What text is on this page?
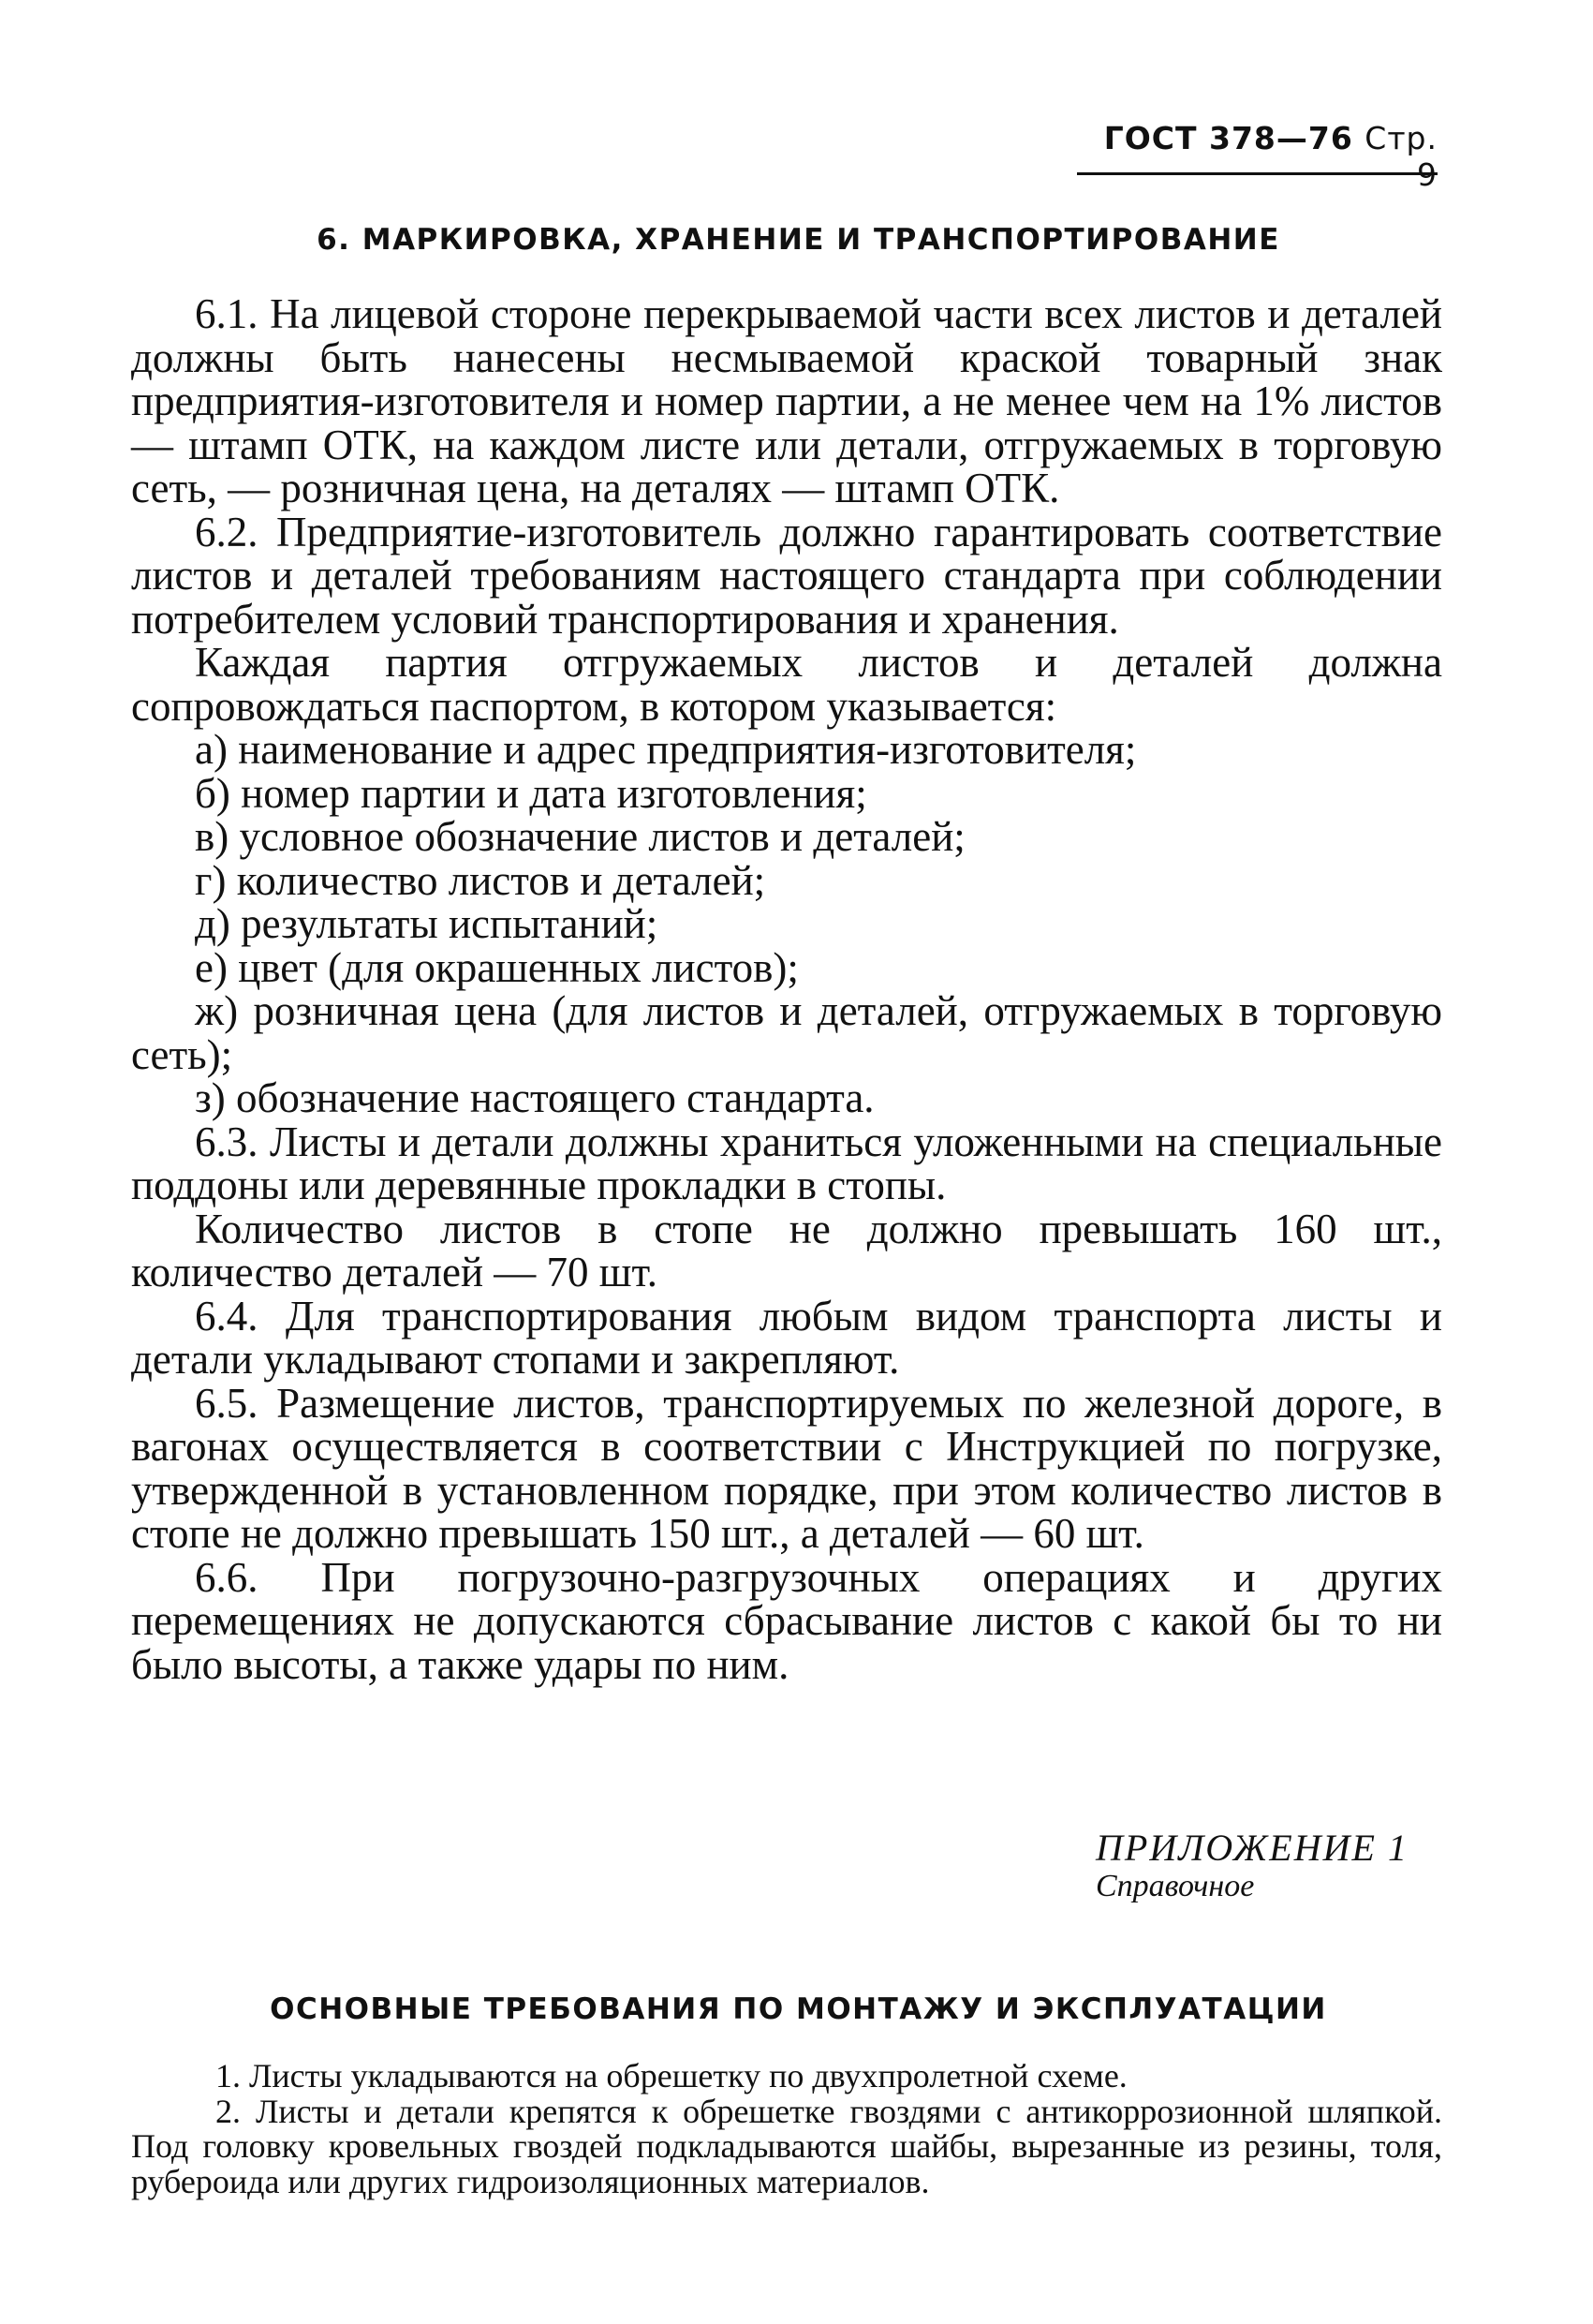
ГОСТ 378—76 Стр. 9
6. МАРКИРОВКА, ХРАНЕНИЕ И ТРАНСПОРТИРОВАНИЕ

6.1. На лицевой стороне перекрываемой части всех листов и деталей должны быть нанесены несмываемой краской товарный знак предприятия-изготовителя и номер партии, а не менее чем на 1% листов — штамп ОТК, на каждом листе или детали, отгружаемых в торговую сеть, — розничная цена, на деталях — штамп ОТК.

6.2. Предприятие-изготовитель должно гарантировать соответствие листов и деталей требованиям настоящего стандарта при соблюдении потребителем условий транспортирования и хранения.

Каждая партия отгружаемых листов и деталей должна сопровождаться паспортом, в котором указывается:

а) наименование и адрес предприятия-изготовителя;

б) номер партии и дата изготовления;

в) условное обозначение листов и деталей;

г) количество листов и деталей;

д) результаты испытаний;

е) цвет (для окрашенных листов);

ж) розничная цена (для листов и деталей, отгружаемых в торговую сеть);

з) обозначение настоящего стандарта.

6.3. Листы и детали должны храниться уложенными на специальные поддоны или деревянные прокладки в стопы.

Количество листов в стопе не должно превышать 160 шт., количество деталей — 70 шт.

6.4. Для транспортирования любым видом транспорта листы и детали укладывают стопами и закрепляют.

6.5. Размещение листов, транспортируемых по железной дороге, в вагонах осуществляется в соответствии с Инструкцией по погрузке, утвержденной в установленном порядке, при этом количество листов в стопе не должно превышать 150 шт., а деталей — 60 шт.

6.6. При погрузочно-разгрузочных операциях и других перемещениях не допускаются сбрасывание листов с какой бы то ни было высоты, а также удары по ним.

ПРИЛОЖЕНИЕ 1
Справочное
ОСНОВНЫЕ ТРЕБОВАНИЯ ПО МОНТАЖУ И ЭКСПЛУАТАЦИИ

1. Листы укладываются на обрешетку по двухпролетной схеме.

2. Листы и детали крепятся к обрешетке гвоздями с антикоррозионной шляпкой. Под головку кровельных гвоздей подкладываются шайбы, вырезанные из резины, толя, рубероида или других гидроизоляционных материалов.
